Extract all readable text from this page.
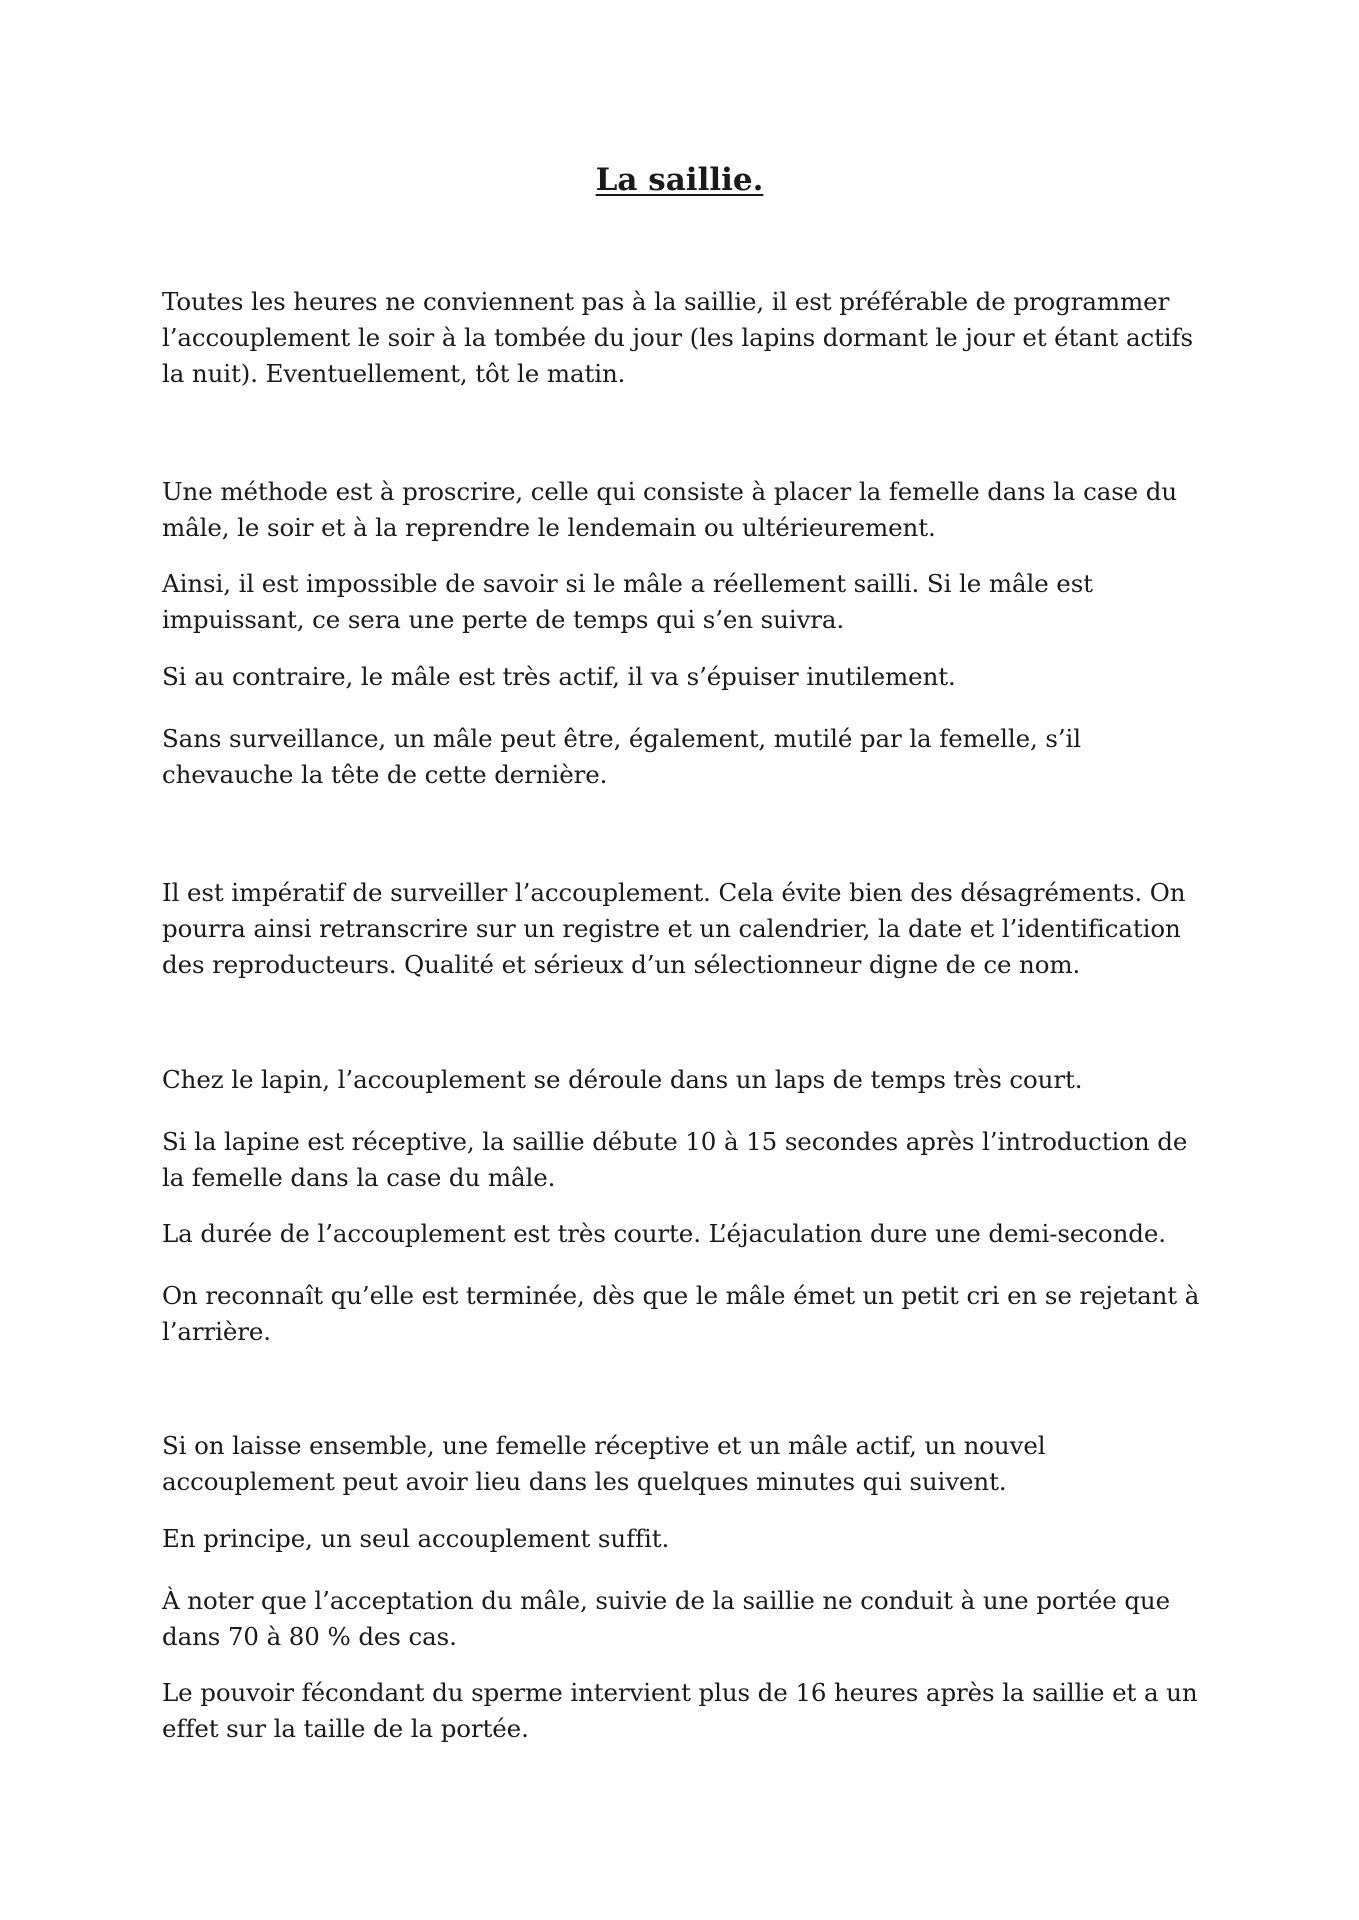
La saillie.

Toutes les heures ne conviennent pas à la saillie, il est préférable de programmer l’accouplement le soir à la tombée du jour (les lapins dormant le jour et étant actifs la nuit). Eventuellement, tôt le matin.

Une méthode est à proscrire, celle qui consiste à placer la femelle dans la case du mâle, le soir et à la reprendre le lendemain ou ultérieurement.

Ainsi, il est impossible de savoir si le mâle a réellement sailli. Si le mâle est impuissant, ce sera une perte de temps qui s’en suivra.

Si au contraire, le mâle est très actif, il va s’épuiser inutilement.

Sans surveillance, un mâle peut être, également, mutilé par la femelle, s’il chevauche la tête de cette dernière.

Il est impératif de surveiller l’accouplement. Cela évite bien des désagréments. On pourra ainsi retranscrire sur un registre et un calendrier, la date et l’identification des reproducteurs. Qualité et sérieux d’un sélectionneur digne de ce nom.

Chez le lapin, l’accouplement se déroule dans un laps de temps très court.

Si la lapine est réceptive, la saillie débute 10 à 15 secondes après l’introduction de la femelle dans la case du mâle.

La durée de l’accouplement est très courte. L’éjaculation dure une demi-seconde.

On reconnaît qu’elle est terminée, dès que le mâle émet un petit cri en se rejetant à l’arrière.

Si on laisse ensemble, une femelle réceptive et un mâle actif, un nouvel accouplement peut avoir lieu dans les quelques minutes qui suivent.

En principe, un seul accouplement suffit.

À noter que l’acceptation du mâle, suivie de la saillie ne conduit à une portée que dans 70 à 80 % des cas.

Le pouvoir fécondant du sperme intervient plus de 16 heures après la saillie et a un effet sur la taille de la portée.
